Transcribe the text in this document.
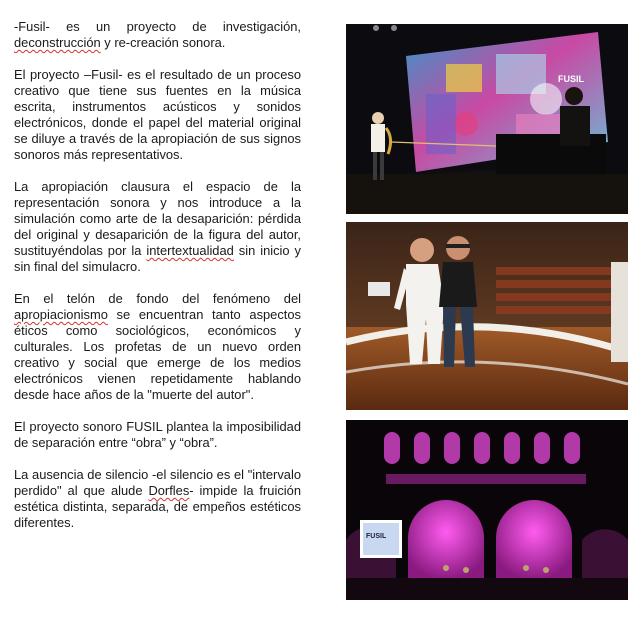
-Fusil- es un proyecto de investigación, deconstrucción y re-creación sonora.

El proyecto –Fusil- es el resultado de un proceso creativo que tiene sus fuentes en la música escrita, instrumentos acústicos y sonidos electrónicos, donde el papel del material original se diluye a través de la apropiación de sus signos sonoros más representativos.

La apropiación clausura el espacio de la representación sonora y nos introduce a la simulación como arte de la desaparición: pérdida del original y desaparición de la figura del autor, sustituyéndolas por la intertextualidad sin inicio y sin final del simulacro.

En el telón de fondo del fenómeno del apropiacionismo se encuentran tanto aspectos éticos como sociológicos, económicos y culturales. Los profetas de un nuevo orden creativo y social que emerge de los medios electrónicos vienen repetidamente hablando desde hace años de la "muerte del autor".

El proyecto sonoro FUSIL plantea la imposibilidad de separación entre “obra” y “obra”.

La ausencia de silencio -el silencio es el "intervalo perdido" al que alude Dorfles- impide la fruición estética distinta, separada, de empeños estéticos diferentes.

FUSIL
FUSIL
